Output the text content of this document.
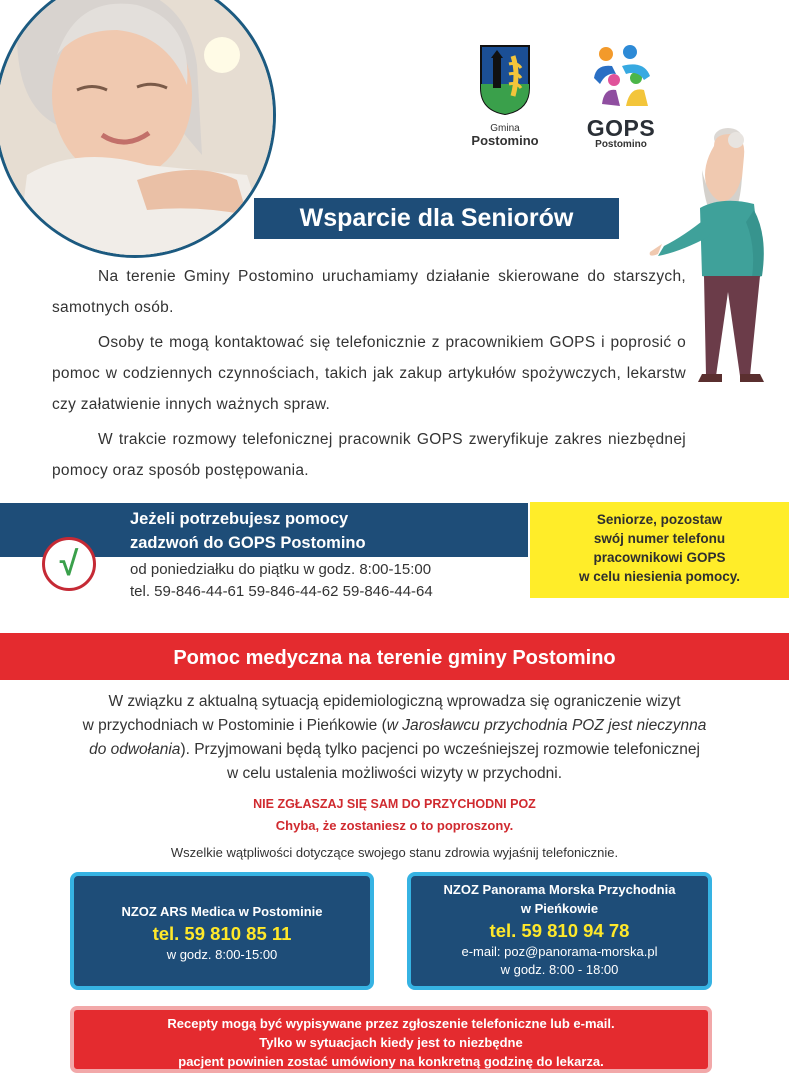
Gmina
Postomino	GOPS
Postomino
Wsparcie dla Seniorów

Na terenie Gminy Postomino uruchamiamy działanie skierowane do starszych, samotnych osób.

Osoby te mogą kontaktować się telefonicznie z pracownikiem GOPS i poprosić o pomoc w codziennych czynnościach, takich jak zakup artykułów spożywczych, lekarstw czy załatwienie innych ważnych spraw.

W trakcie rozmowy telefonicznej pracownik GOPS zweryfikuje zakres niezbędnej pomocy oraz sposób postępowania.

Jeżeli potrzebujesz pomocy
zadzwoń do GOPS Postomino
√	od poniedziałku do piątku w godz. 8:00-15:00
tel. 59-846-44-61 59-846-44-62 59-846-44-64
Seniorze, pozostaw
swój numer telefonu
pracownikowi GOPS
w celu niesienia pomocy.
Pomoc medyczna na terenie gminy Postomino
W związku z aktualną sytuacją epidemiologiczną wprowadza się ograniczenie wizyt
w przychodniach w Postominie i Pieńkowie (w Jarosławcu przychodnia POZ jest nieczynna
do odwołania). Przyjmowani będą tylko pacjenci po wcześniejszej rozmowie telefonicznej
w celu ustalenia możliwości wizyty w przychodni.
NIE ZGŁASZAJ SIĘ SAM DO PRZYCHODNI POZ
Chyba, że zostaniesz o to poproszony.
Wszelkie wątpliwości dotyczące swojego stanu zdrowia wyjaśnij telefonicznie.
NZOZ ARS Medica w Postominie
tel. 59 810 85 11
w godz. 8:00-15:00
NZOZ Panorama Morska Przychodnia
w Pieńkowie
tel. 59 810 94 78
e-mail: poz@panorama-morska.pl
w godz. 8:00 - 18:00
Recepty mogą być wypisywane przez zgłoszenie telefoniczne lub e-mail.
Tylko w sytuacjach kiedy jest to niezbędne
pacjent powinien zostać umówiony na konkretną godzinę do lekarza.
